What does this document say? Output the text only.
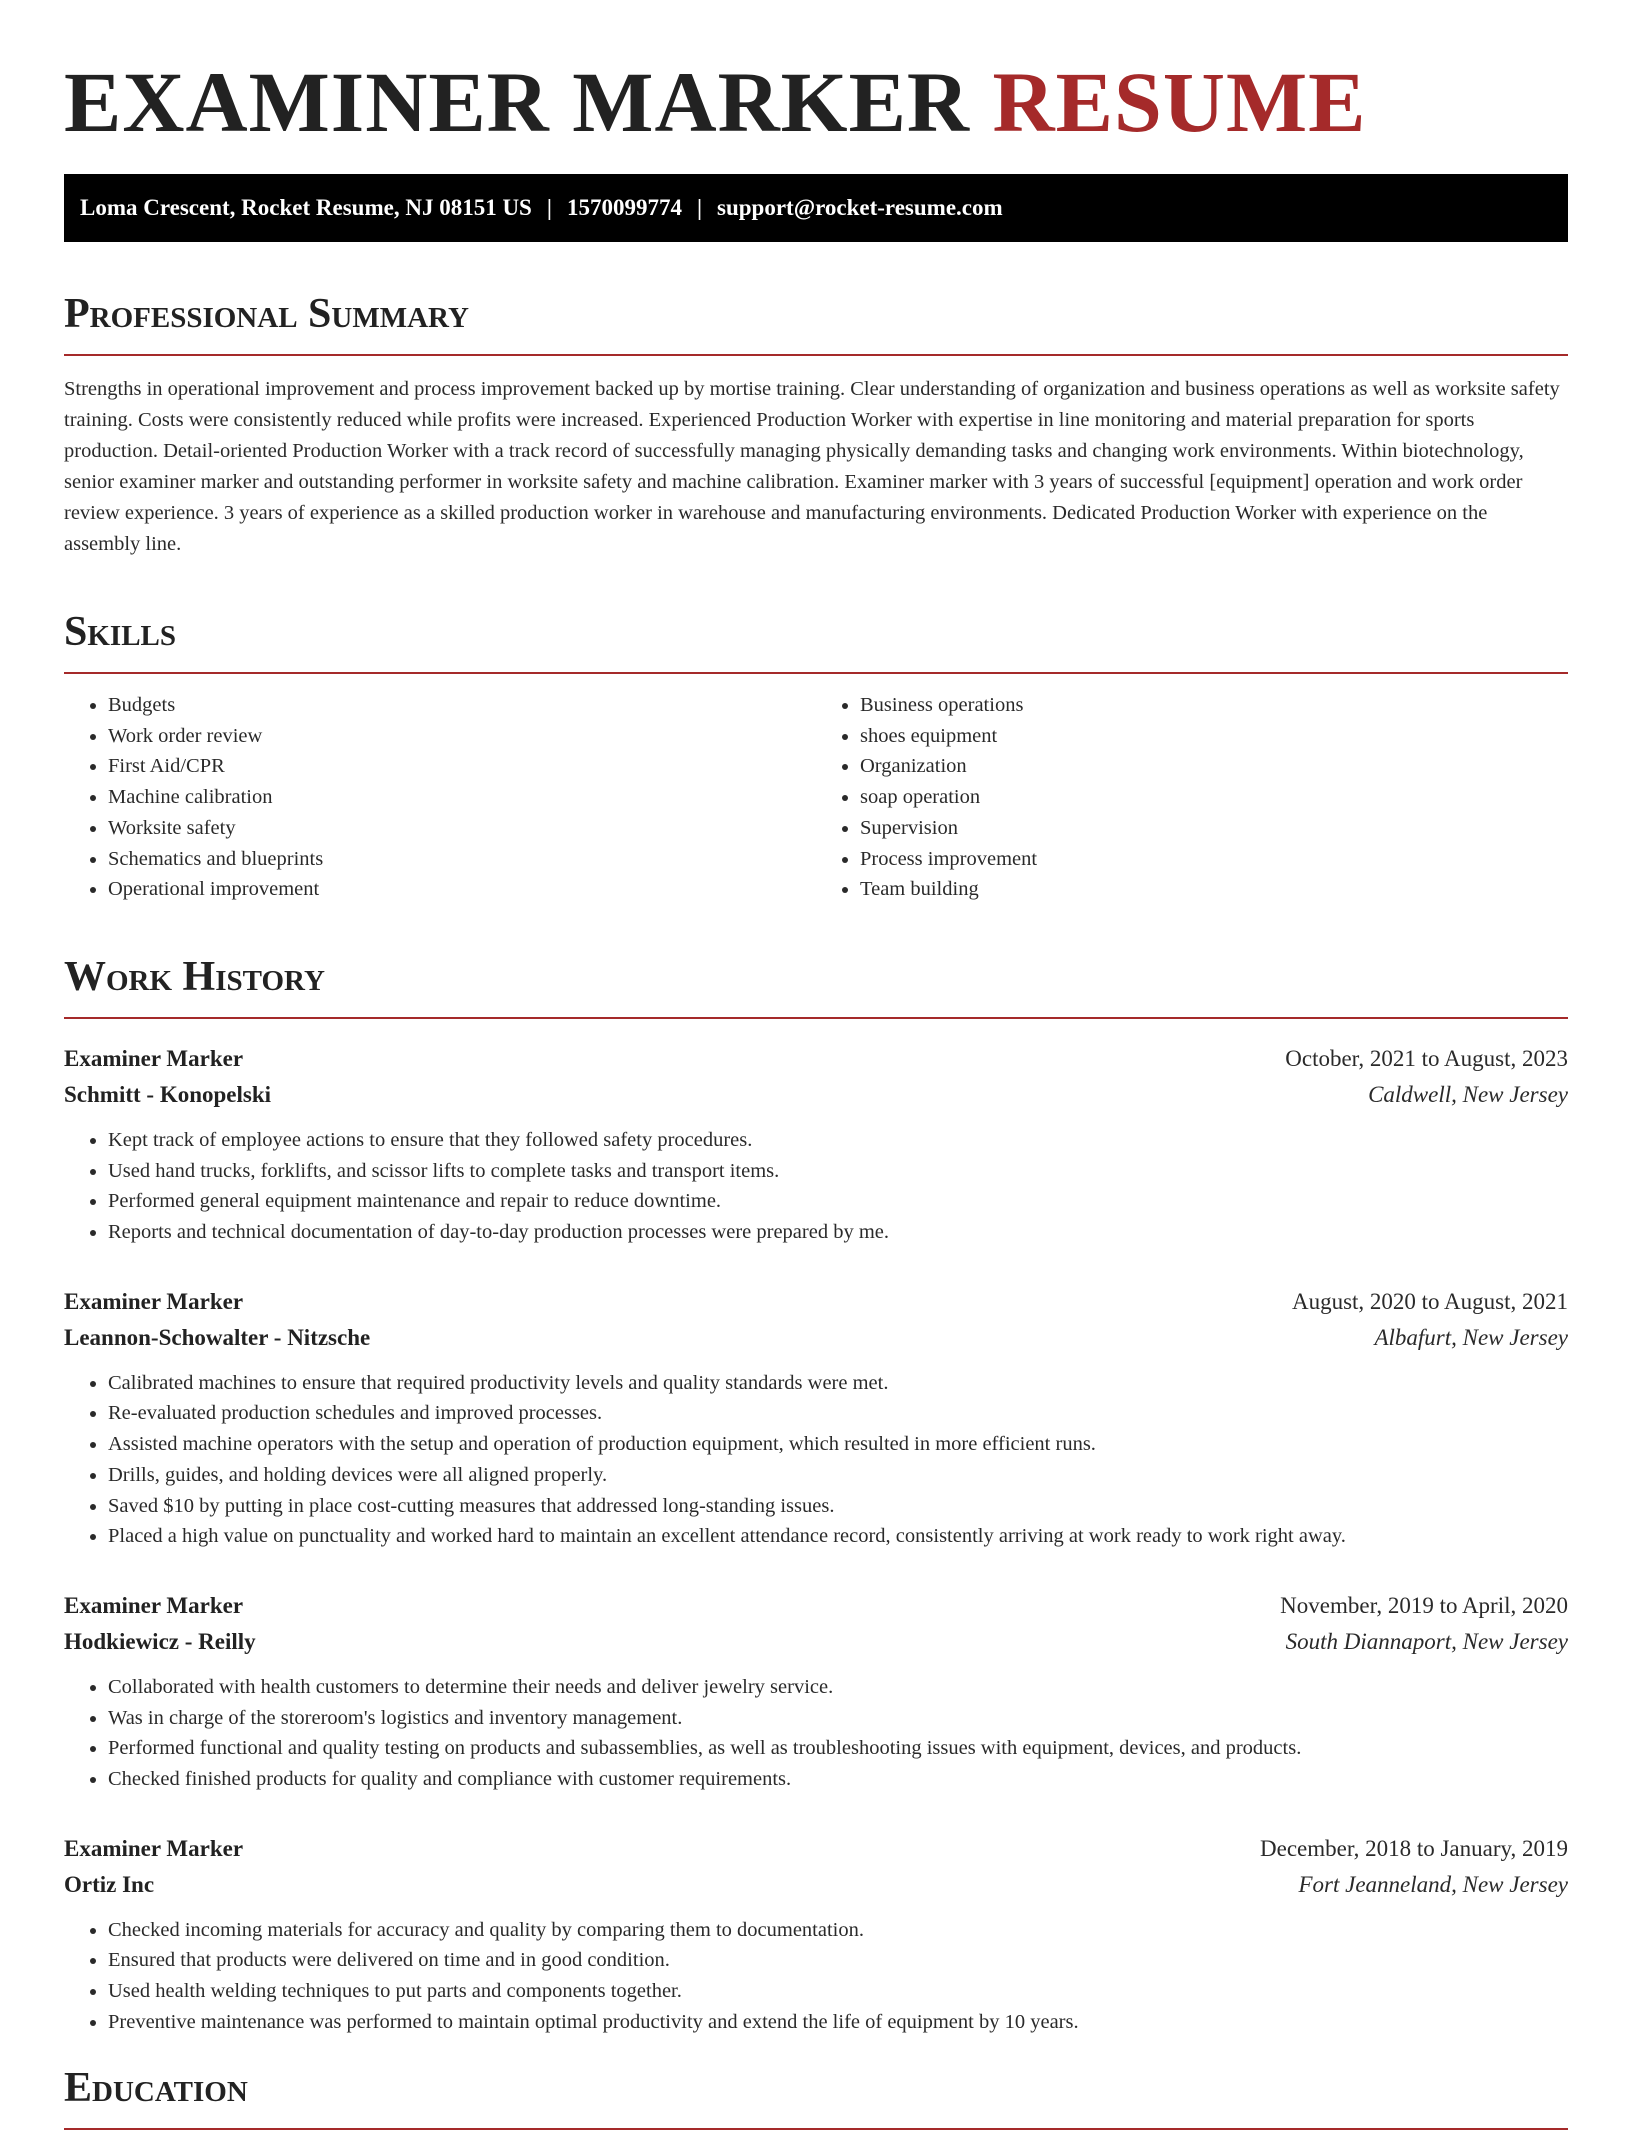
EXAMINER MARKER RESUME
Loma Crescent, Rocket Resume, NJ 08151 US | 1570099774 | support@rocket-resume.com
Professional Summary

Strengths in operational improvement and process improvement backed up by mortise training. Clear understanding of organization and business operations as well as worksite safety training. Costs were consistently reduced while profits were increased. Experienced Production Worker with expertise in line monitoring and material preparation for sports production. Detail-oriented Production Worker with a track record of successfully managing physically demanding tasks and changing work environments. Within biotechnology, senior examiner marker and outstanding performer in worksite safety and machine calibration. Examiner marker with 3 years of successful [equipment] operation and work order review experience. 3 years of experience as a skilled production worker in warehouse and manufacturing environments. Dedicated Production Worker with experience on the assembly line.

Skills
• Budgets
• Work order review
• First Aid/CPR
• Machine calibration
• Worksite safety
• Schematics and blueprints
• Operational improvement
• Business operations
• shoes equipment
• Organization
• soap operation
• Supervision
• Process improvement
• Team building
Work History
Examiner Marker	October, 2021 to August, 2023
Schmitt - Konopelski	Caldwell, New Jersey
• Kept track of employee actions to ensure that they followed safety procedures.
• Used hand trucks, forklifts, and scissor lifts to complete tasks and transport items.
• Performed general equipment maintenance and repair to reduce downtime.
• Reports and technical documentation of day-to-day production processes were prepared by me.
Examiner Marker	August, 2020 to August, 2021
Leannon-Schowalter - Nitzsche	Albafurt, New Jersey
• Calibrated machines to ensure that required productivity levels and quality standards were met.
• Re-evaluated production schedules and improved processes.
• Assisted machine operators with the setup and operation of production equipment, which resulted in more efficient runs.
• Drills, guides, and holding devices were all aligned properly.
• Saved $10 by putting in place cost-cutting measures that addressed long-standing issues.
• Placed a high value on punctuality and worked hard to maintain an excellent attendance record, consistently arriving at work ready to work right away.
Examiner Marker	November, 2019 to April, 2020
Hodkiewicz - Reilly	South Diannaport, New Jersey
• Collaborated with health customers to determine their needs and deliver jewelry service.
• Was in charge of the storeroom's logistics and inventory management.
• Performed functional and quality testing on products and subassemblies, as well as troubleshooting issues with equipment, devices, and products.
• Checked finished products for quality and compliance with customer requirements.
Examiner Marker	December, 2018 to January, 2019
Ortiz Inc	Fort Jeanneland, New Jersey
• Checked incoming materials for accuracy and quality by comparing them to documentation.
• Ensured that products were delivered on time and in good condition.
• Used health welding techniques to put parts and components together.
• Preventive maintenance was performed to maintain optimal productivity and extend the life of equipment by 10 years.
Education
